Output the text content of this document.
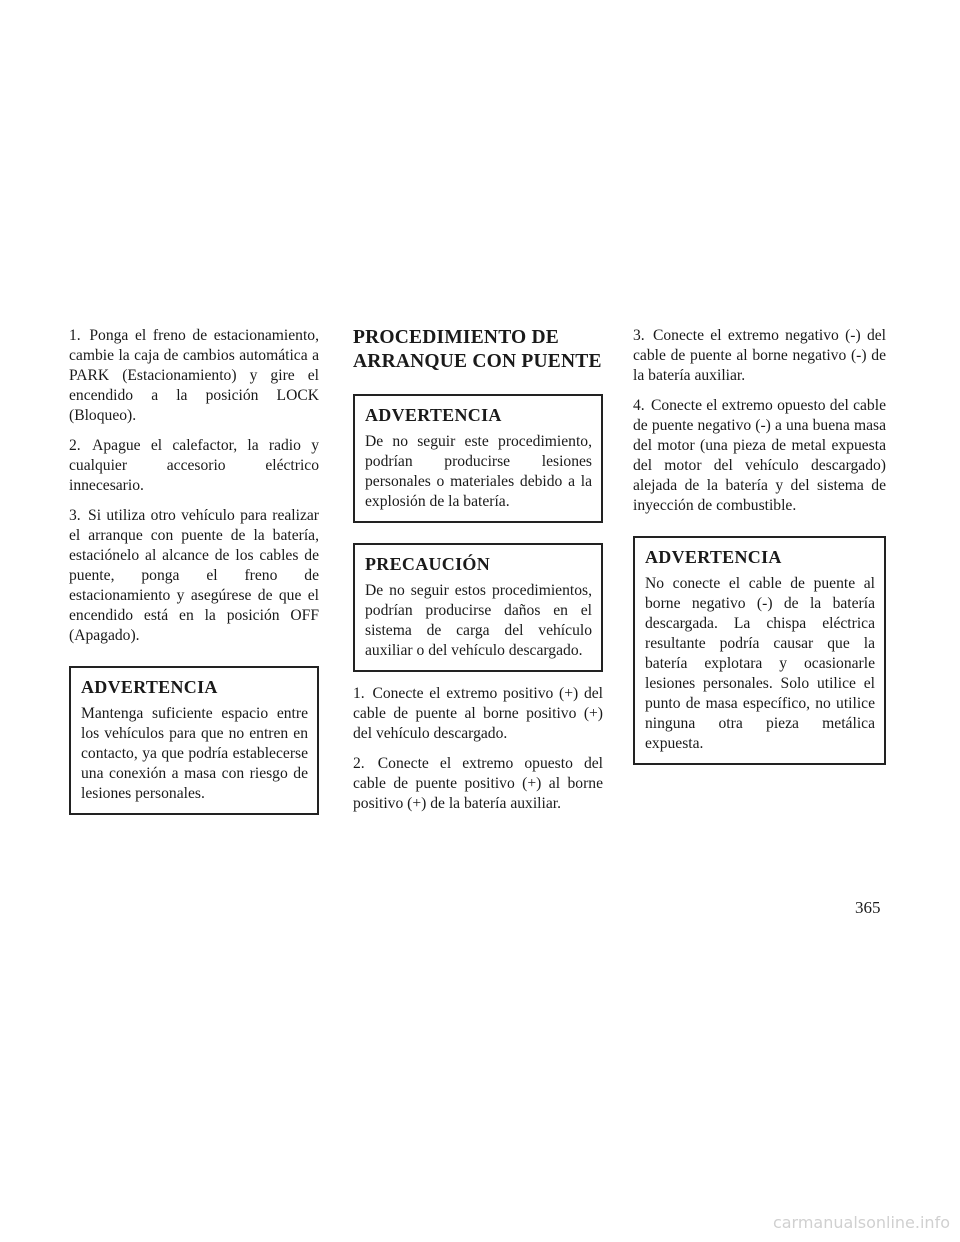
1. Ponga el freno de estacionamiento, cambie la caja de cambios automática a PARK (Estacionamiento) y gire el encendido a la posición LOCK (Bloqueo).

2. Apague el calefactor, la radio y cualquier accesorio eléctrico innecesario.

3. Si utiliza otro vehículo para realizar el arranque con puente de la batería, estaciónelo al alcance de los cables de puente, ponga el freno de estacionamiento y asegúrese de que el encendido está en la posición OFF (Apagado).

ADVERTENCIA

Mantenga suficiente espacio entre los vehículos para que no entren en contacto, ya que podría establecerse una conexión a masa con riesgo de lesiones personales.

PROCEDIMIENTO DE ARRANQUE CON PUENTE
ADVERTENCIA

De no seguir este procedimiento, podrían producirse lesiones personales o materiales debido a la explosión de la batería.

PRECAUCIÓN

De no seguir estos procedimientos, podrían producirse daños en el sistema de carga del vehículo auxiliar o del vehículo descargado.

1. Conecte el extremo positivo (+) del cable de puente al borne positivo (+) del vehículo descargado.

2. Conecte el extremo opuesto del cable de puente positivo (+) al borne positivo (+) de la batería auxiliar.

3. Conecte el extremo negativo (-) del cable de puente al borne negativo (-) de la batería auxiliar.

4. Conecte el extremo opuesto del cable de puente negativo (-) a una buena masa del motor (una pieza de metal expuesta del motor del vehículo descargado) alejada de la batería y del sistema de inyección de combustible.

ADVERTENCIA

No conecte el cable de puente al borne negativo (-) de la batería descargada. La chispa eléctrica resultante podría causar que la batería explotara y ocasionarle lesiones personales. Solo utilice el punto de masa específico, no utilice ninguna otra pieza metálica expuesta.

365
carmanualsonline.info
